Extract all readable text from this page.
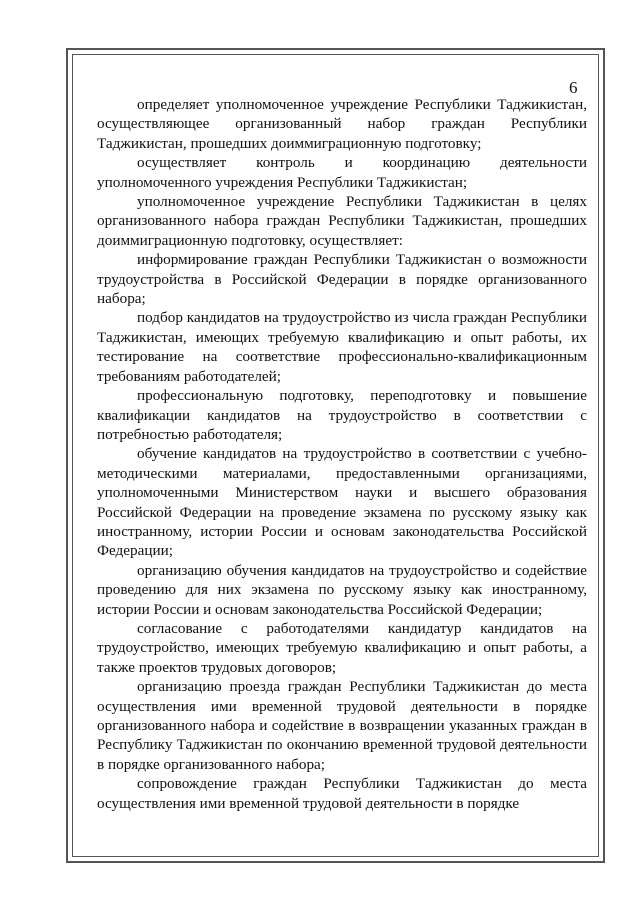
6

определяет уполномоченное учреждение Республики Таджикистан, осуществляющее организованный набор граждан Республики Таджикистан, прошедших доиммиграционную подготовку;

осуществляет контроль и координацию деятельности уполномоченного учреждения Республики Таджикистан;

уполномоченное учреждение Республики Таджикистан в целях организованного набора граждан Республики Таджикистан, прошедших доиммиграционную подготовку, осуществляет:

информирование граждан Республики Таджикистан о возможности трудоустройства в Российской Федерации в порядке организованного набора;

подбор кандидатов на трудоустройство из числа граждан Республики Таджикистан, имеющих требуемую квалификацию и опыт работы, их тестирование на соответствие профессионально-квалификационным требованиям работодателей;

профессиональную подготовку, переподготовку и повышение квалификации кандидатов на трудоустройство в соответствии с потребностью работодателя;

обучение кандидатов на трудоустройство в соответствии с учебно-методическими материалами, предоставленными организациями, уполномоченными Министерством науки и высшего образования Российской Федерации на проведение экзамена по русскому языку как иностранному, истории России и основам законодательства Российской Федерации;

организацию обучения кандидатов на трудоустройство и содействие проведению для них экзамена по русскому языку как иностранному, истории России и основам законодательства Российской Федерации;

согласование с работодателями кандидатур кандидатов на трудоустройство, имеющих требуемую квалификацию и опыт работы, а также проектов трудовых договоров;

организацию проезда граждан Республики Таджикистан до места осуществления ими временной трудовой деятельности в порядке организованного набора и содействие в возвращении указанных граждан в Республику Таджикистан по окончанию временной трудовой деятельности в порядке организованного набора;

сопровождение граждан Республики Таджикистан до места осуществления ими временной трудовой деятельности в порядке
